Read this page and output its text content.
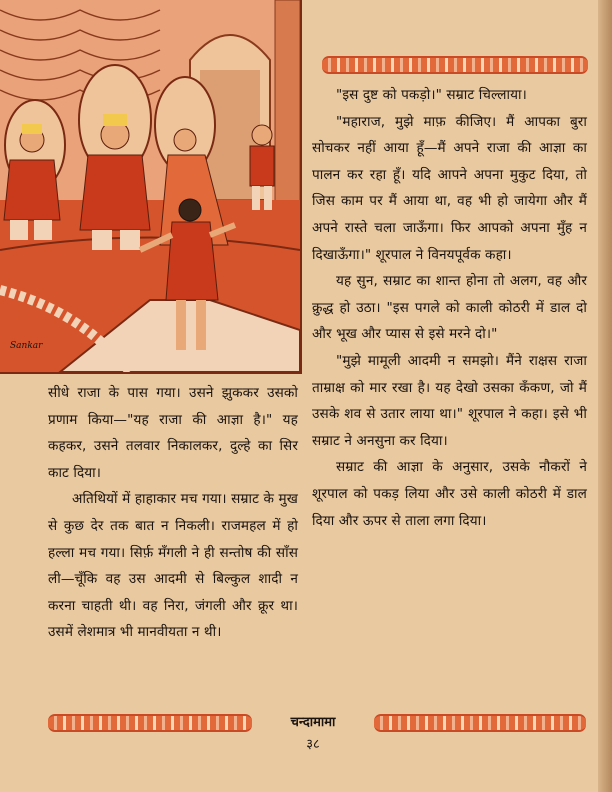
Sankar

"इस दुष्ट को पकड़ो।" सम्राट चिल्लाया।

"महाराज, मुझे माफ़ कीजिए। मैं आपका बुरा सोचकर नहीं आया हूँ—मैं अपने राजा की आज्ञा का पालन कर रहा हूँ। यदि आपने अपना मुकुट दिया, तो जिस काम पर मैं आया था, वह भी हो जायेगा और मैं अपने रास्ते चला जाऊँगा। फिर आपको अपना मुँह न दिखाऊँगा।" शूरपाल ने विनयपूर्वक कहा।

यह सुन, सम्राट का शान्त होना तो अलग, वह और क्रुद्ध हो उठा। "इस पगले को काली कोठरी में डाल दो और भूख और प्यास से इसे मरने दो।"

"मुझे मामूली आदमी न समझो। मैंने राक्षस राजा ताम्राक्ष को मार रखा है। यह देखो उसका कँकण, जो मैं उसके शव से उतार लाया था।" शूरपाल ने कहा। इसे भी सम्राट ने अनसुना कर दिया।

सम्राट की आज्ञा के अनुसार, उसके नौकरों ने शूरपाल को पकड़ लिया और उसे काली कोठरी में डाल दिया और ऊपर से ताला लगा दिया।

सीधे राजा के पास गया। उसने झुककर उसको प्रणाम किया—"यह राजा की आज्ञा है।" यह कहकर, उसने तलवार निकालकर, दुल्हे का सिर काट दिया।

अतिथियों में हाहाकार मच गया। सम्राट के मुख से कुछ देर तक बात न निकली। राजमहल में हो हल्ला मच गया। सिर्फ़ मँगली ने ही सन्तोष की साँस ली—चूँकि वह उस आदमी से बिल्कुल शादी न करना चाहती थी। वह निरा, जंगली और क्रूर था। उसमें लेशमात्र भी मानवीयता न थी।

चन्दामामा
३८
